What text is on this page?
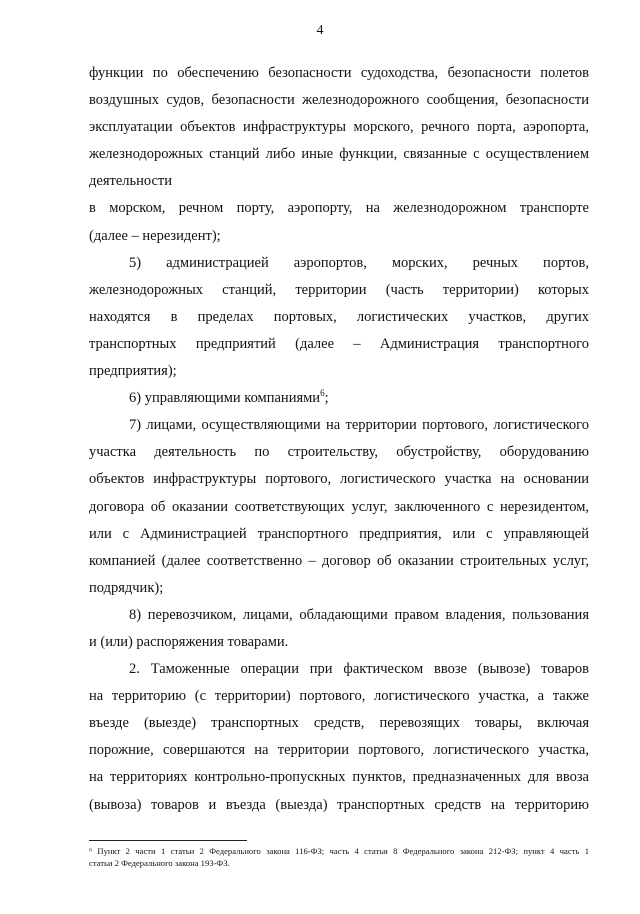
4
функции по обеспечению безопасности судоходства, безопасности полетов
воздушных судов, безопасности железнодорожного сообщения, безопасности
эксплуатации объектов инфраструктуры морского, речного порта, аэропорта,
железнодорожных станций либо иные функции, связанные с осуществлением
деятельности
в морском, речном порту, аэропорту, на железнодорожном транспорте
(далее – нерезидент);
5) администрацией аэропортов, морских, речных портов,
железнодорожных станций, территории (часть территории) которых
находятся в пределах портовых, логистических участков, других
транспортных предприятий (далее – Администрация транспортного
предприятия);
6) управляющими компаниями$^6$;
7) лицами, осуществляющими на территории портового, логистического
участка деятельность по строительству, обустройству, оборудованию
объектов инфраструктуры портового, логистического участка на основании
договора об оказании соответствующих услуг, заключенного с нерезидентом,
или с Администрацией транспортного предприятия, или с управляющей
компанией (далее соответственно – договор об оказании строительных услуг,
подрядчик);
8) перевозчиком, лицами, обладающими правом владения, пользования
и (или) распоряжения товарами.
2. Таможенные операции при фактическом ввозе (вывозе) товаров
на территорию (с территории) портового, логистического участка, а также
въезде (выезде) транспортных средств, перевозящих товары, включая
порожние, совершаются на территории портового, логистического участка,
на территориях контрольно-пропускных пунктов, предназначенных для ввоза
(вывоза) товаров и въезда (выезда) транспортных средств на территорию
⁶ Пункт 2 части 1 статьи 2 Федерального закона 116-ФЗ; часть 4 статьи 8 Федерального закона 212-ФЗ; пункт 4 часть 1
статьи 2 Федерального закона 193-ФЗ.
